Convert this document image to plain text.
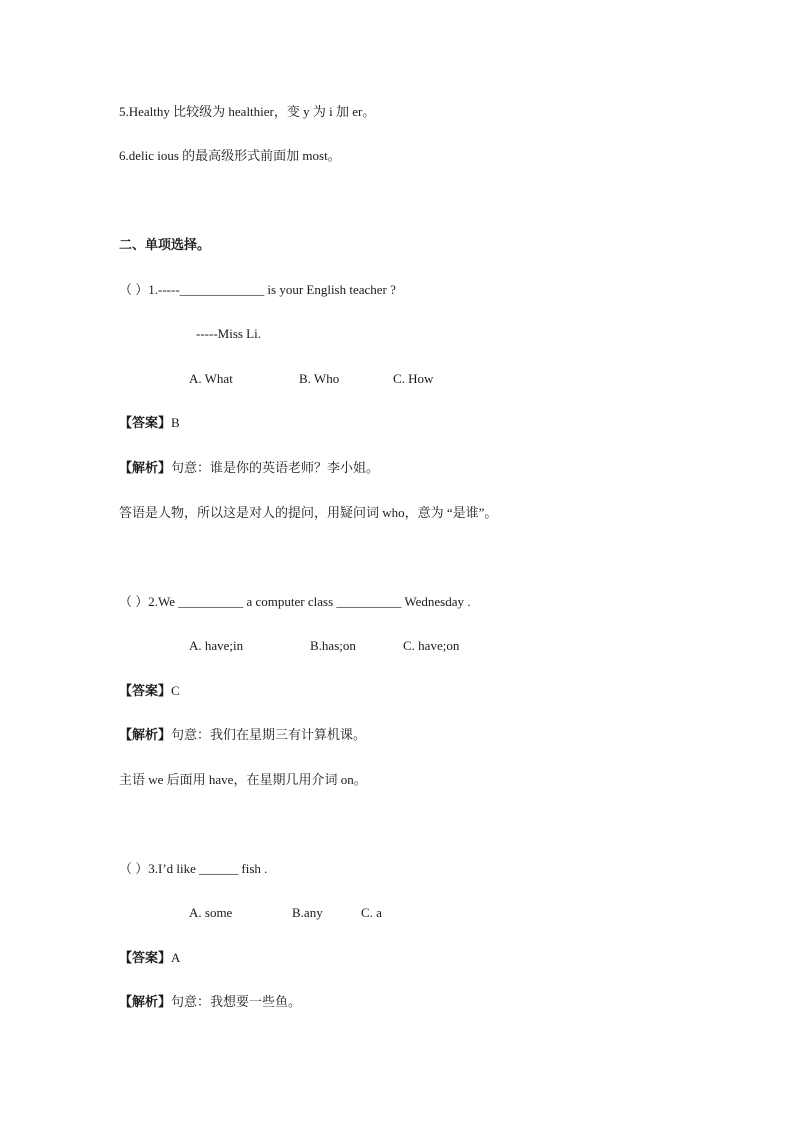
5.Healthy 比较级为 healthier，变 y 为 i 加 er。
6.delic ious 的最高级形式前面加 most。
二、单项选择。
（ ）1.-----_____________ is your English teacher ?
-----Miss Li.
A. What	B. Who	C. How
【答案】B
【解析】句意：谁是你的英语老师？李小姐。
答语是人物，所以这是对人的提问，用疑问词 who，意为 “是谁”。
（ ）2.We __________ a computer class __________ Wednesday .
A. have;in	B.has;on	C. have;on
【答案】C
【解析】句意：我们在星期三有计算机课。
主语 we 后面用 have，在星期几用介词 on。
（ ）3.I’d like ______ fish .
A. some	B.any	C. a
【答案】A
【解析】句意：我想要一些鱼。
